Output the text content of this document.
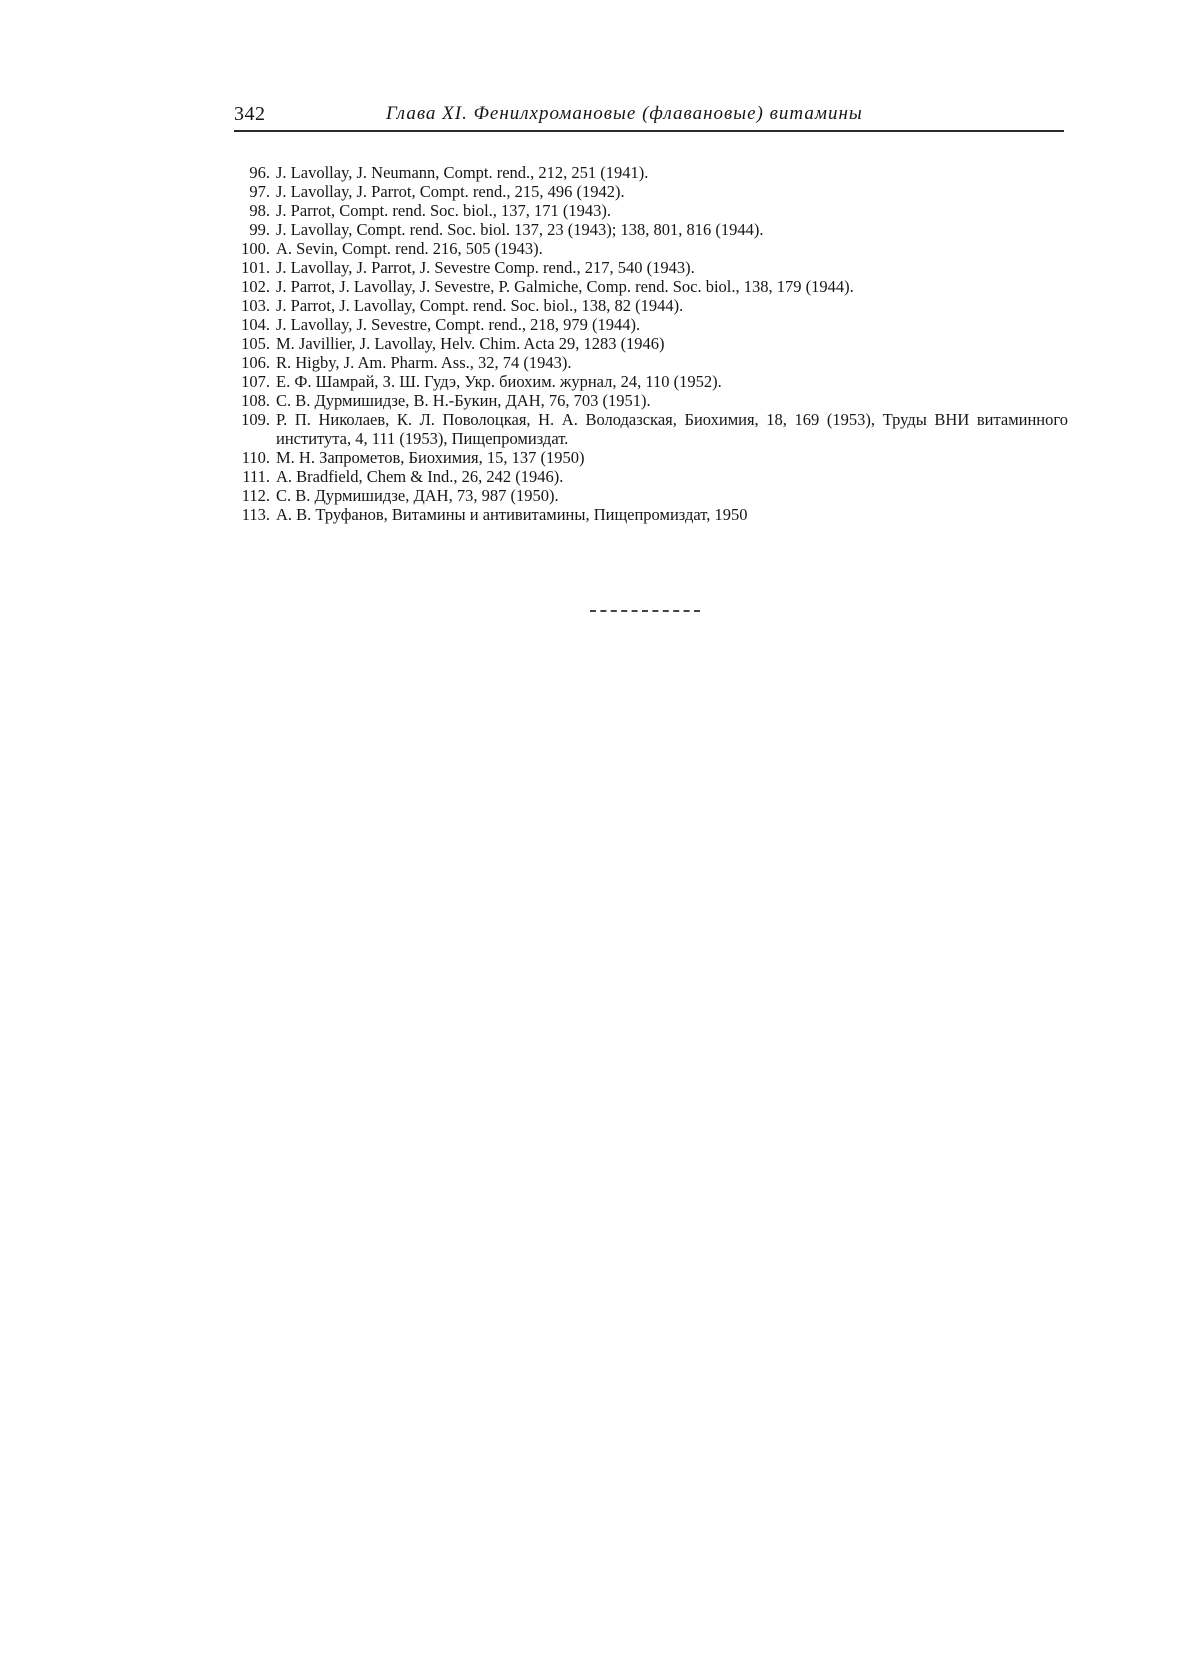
342	Глава XI. Фенилхромановые (флавановые) витамины
96. J. Lavollay, J. Neumann, Compt. rend., 212, 251 (1941).
97. J. Lavollay, J. Parrot, Compt. rend., 215, 496 (1942).
98. J. Parrot, Compt. rend. Soc. biol., 137, 171 (1943).
99. J. Lavollay, Compt. rend. Soc. biol. 137, 23 (1943); 138, 801, 816 (1944).
100. A. Sevin, Compt. rend. 216, 505 (1943).
101. J. Lavollay, J. Parrot, J. Sevestre Comp. rend., 217, 540 (1943).
102. J. Parrot, J. Lavollay, J. Sevestre, P. Galmiche, Comp. rend. Soc. biol., 138, 179 (1944).
103. J. Parrot, J. Lavollay, Compt. rend. Soc. biol., 138, 82 (1944).
104. J. Lavollay, J. Sevestre, Compt. rend., 218, 979 (1944).
105. M. Javillier, J. Lavollay, Helv. Chim. Acta 29, 1283 (1946)
106. R. Higby, J. Am. Pharm. Ass., 32, 74 (1943).
107. Е. Ф. Шамрай, З. Ш. Гудэ, Укр. биохим. журнал, 24, 110 (1952).
108. С. В. Дурмишидзе, В. Н.-Букин, ДАН, 76, 703 (1951).
109. Р. П. Николаев, К. Л. Поволоцкая, Н. А. Володазская, Биохимия, 18, 169 (1953), Труды ВНИ витаминного института, 4, 111 (1953), Пищепромиздат.
110. М. Н. Запрометов, Биохимия, 15, 137 (1950)
111. A. Bradfield, Chem & Ind., 26, 242 (1946).
112. С. В. Дурмишидзе, ДАН, 73, 987 (1950).
113. А. В. Труфанов, Витамины и антивитамины, Пищепромиздат, 1950
